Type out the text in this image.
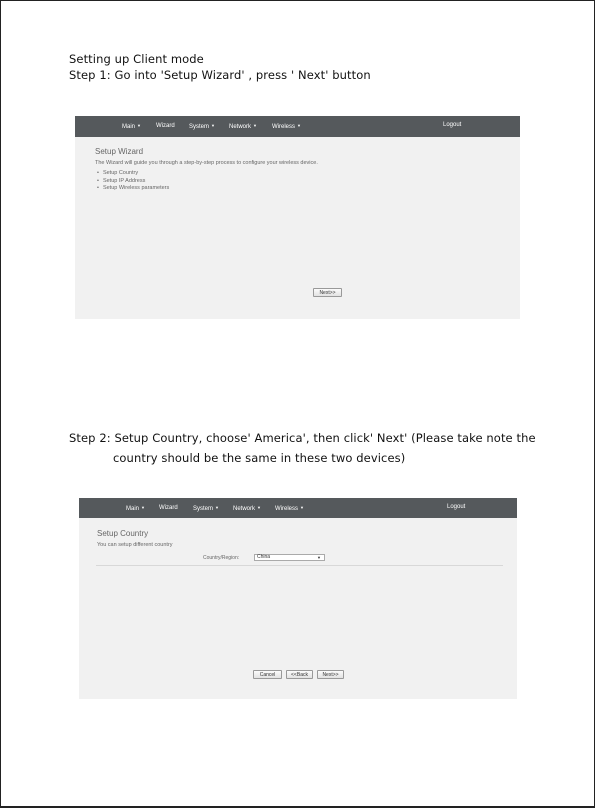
Setting up Client mode
Step 1: Go into 'Setup Wizard' , press ' Next' button
Main ▼	Wizard System ▼ Network ▼	Wireless ▼	Logout
Setup Wizard
The Wizard will guide you through a step-by-step process to configure your wireless device.
• Setup Country
• Setup IP Address
• Setup Wireless parameters
Next>>
Step 2: Setup Country, choose' America', then click' Next' (Please take note the
country should be the same in these two devices)
Main ▼ Wizard	System ▼ Network ▼ Wireless ▼	Logout
Setup Country
You can setup different country
Country/Region:	China	▼
Cancel	<<Back	Next>>
